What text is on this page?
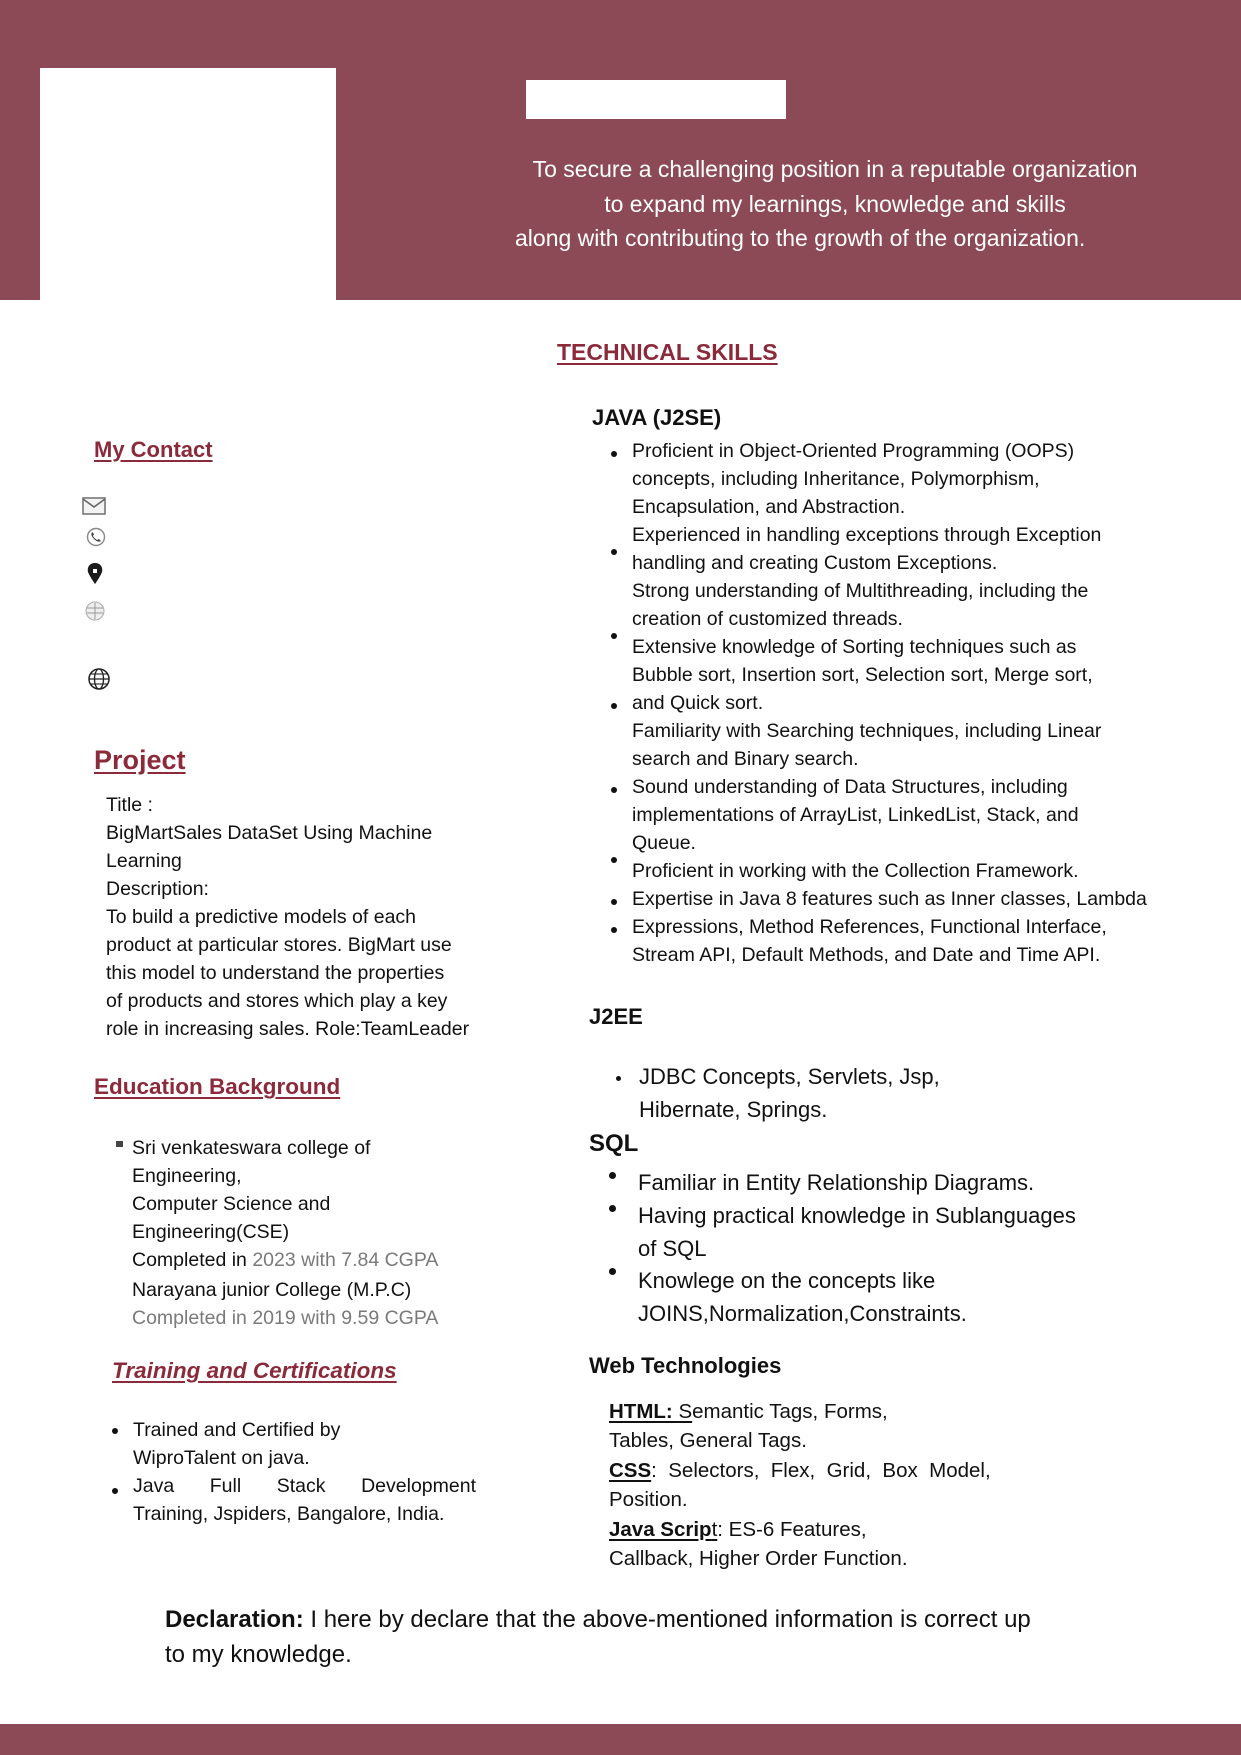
To secure a challenging position in a reputable organization
to expand my learnings, knowledge and skills
along with contributing to the growth of the organization.
My Contact
Project
Title :
BigMartSales DataSet Using Machine
Learning
Description:
To build a predictive models of each
product at particular stores. BigMart use
this model to understand the properties
of products and stores which play a key
role in increasing sales. Role:TeamLeader
Education Background
Sri venkateswara college of
Engineering,
Computer Science and
Engineering(CSE)
Completed in 2023 with 7.84 CGPA
Narayana junior College (M.P.C)
Completed in 2019 with 9.59 CGPA
Training and Certifications
Trained and Certified by
WiproTalent on java.
Java Full Stack Development
Training, Jspiders, Bangalore, India.
TECHNICAL SKILLS
JAVA (J2SE)
Proficient in Object-Oriented Programming (OOPS)
concepts, including Inheritance, Polymorphism,
Encapsulation, and Abstraction.
Experienced in handling exceptions through Exception
handling and creating Custom Exceptions.
Strong understanding of Multithreading, including the
creation of customized threads.
Extensive knowledge of Sorting techniques such as
Bubble sort, Insertion sort, Selection sort, Merge sort,
and Quick sort.
Familiarity with Searching techniques, including Linear
search and Binary search.
Sound understanding of Data Structures, including
implementations of ArrayList, LinkedList, Stack, and
Queue.
Proficient in working with the Collection Framework.
Expertise in Java 8 features such as Inner classes, Lambda
Expressions, Method References, Functional Interface,
Stream API, Default Methods, and Date and Time API.
J2EE
JDBC Concepts, Servlets, Jsp,
Hibernate, Springs.
SQL
Familiar in Entity Relationship Diagrams.
Having practical knowledge in Sublanguages
of SQL
Knowlege on the concepts like
JOINS,Normalization,Constraints.
Web Technologies
HTML: Semantic Tags, Forms,
Tables, General Tags.
CSS:  Selectors,  Flex,  Grid,  Box  Model,
Position.
Java Script: ES-6 Features,
Callback, Higher Order Function.
Declaration: I here by declare that the above-mentioned information is correct up
to my knowledge.
